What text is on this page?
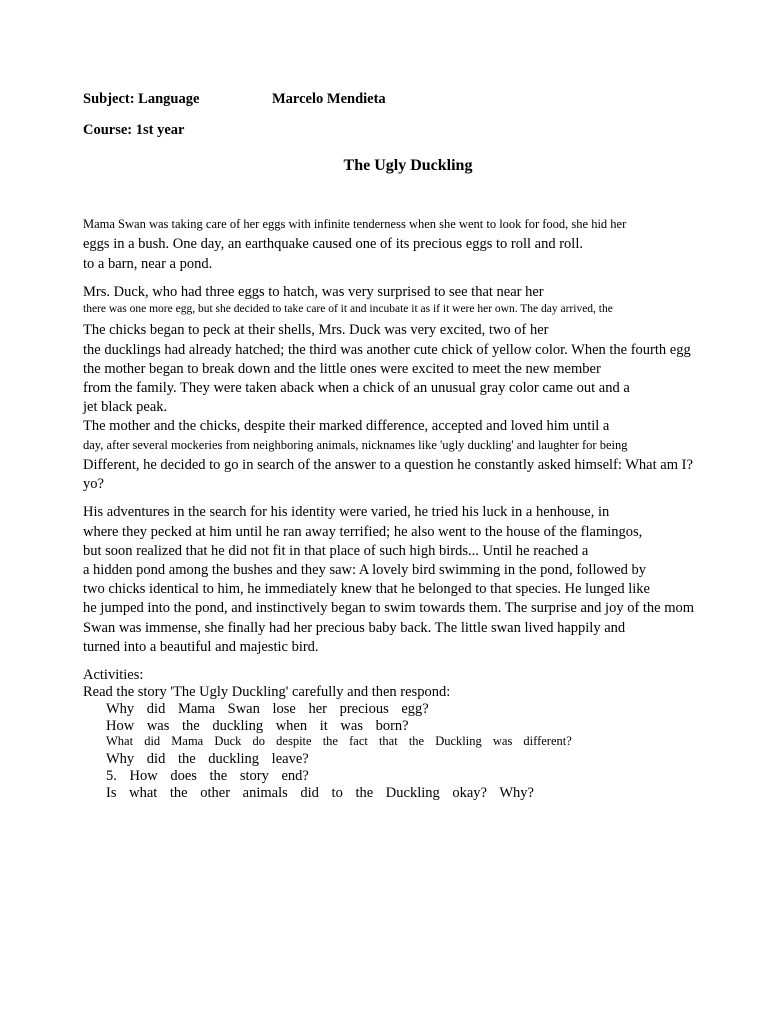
Subject: Language	Marcelo Mendieta
Course: 1st year
The Ugly Duckling
Mama Swan was taking care of her eggs with infinite tenderness when she went to look for food, she hid her
eggs in a bush. One day, an earthquake caused one of its precious eggs to roll and roll.
to a barn, near a pond.
Mrs. Duck, who had three eggs to hatch, was very surprised to see that near her
there was one more egg, but she decided to take care of it and incubate it as if it were her own. The day arrived, the
The chicks began to peck at their shells, Mrs. Duck was very excited, two of her
the ducklings had already hatched; the third was another cute chick of yellow color. When the fourth egg
the mother began to break down and the little ones were excited to meet the new member
from the family. They were taken aback when a chick of an unusual gray color came out and a
jet black peak.
The mother and the chicks, despite their marked difference, accepted and loved him until a
day, after several mockeries from neighboring animals, nicknames like 'ugly duckling' and laughter for being
Different, he decided to go in search of the answer to a question he constantly asked himself: What am I?
yo?
His adventures in the search for his identity were varied, he tried his luck in a henhouse, in
where they pecked at him until he ran away terrified; he also went to the house of the flamingos,
but soon realized that he did not fit in that place of such high birds... Until he reached a
a hidden pond among the bushes and they saw: A lovely bird swimming in the pond, followed by
two chicks identical to him, he immediately knew that he belonged to that species. He lunged like
he jumped into the pond, and instinctively began to swim towards them. The surprise and joy of the mom
Swan was immense, she finally had her precious baby back. The little swan lived happily and
turned into a beautiful and majestic bird.
Activities:
Read the story 'The Ugly Duckling' carefully and then respond:
Why did Mama Swan lose her precious egg?
How was the duckling when it was born?
What did Mama Duck do despite the fact that the Duckling was different?
Why did the duckling leave?
5. How does the story end?
Is what the other animals did to the Duckling okay? Why?
